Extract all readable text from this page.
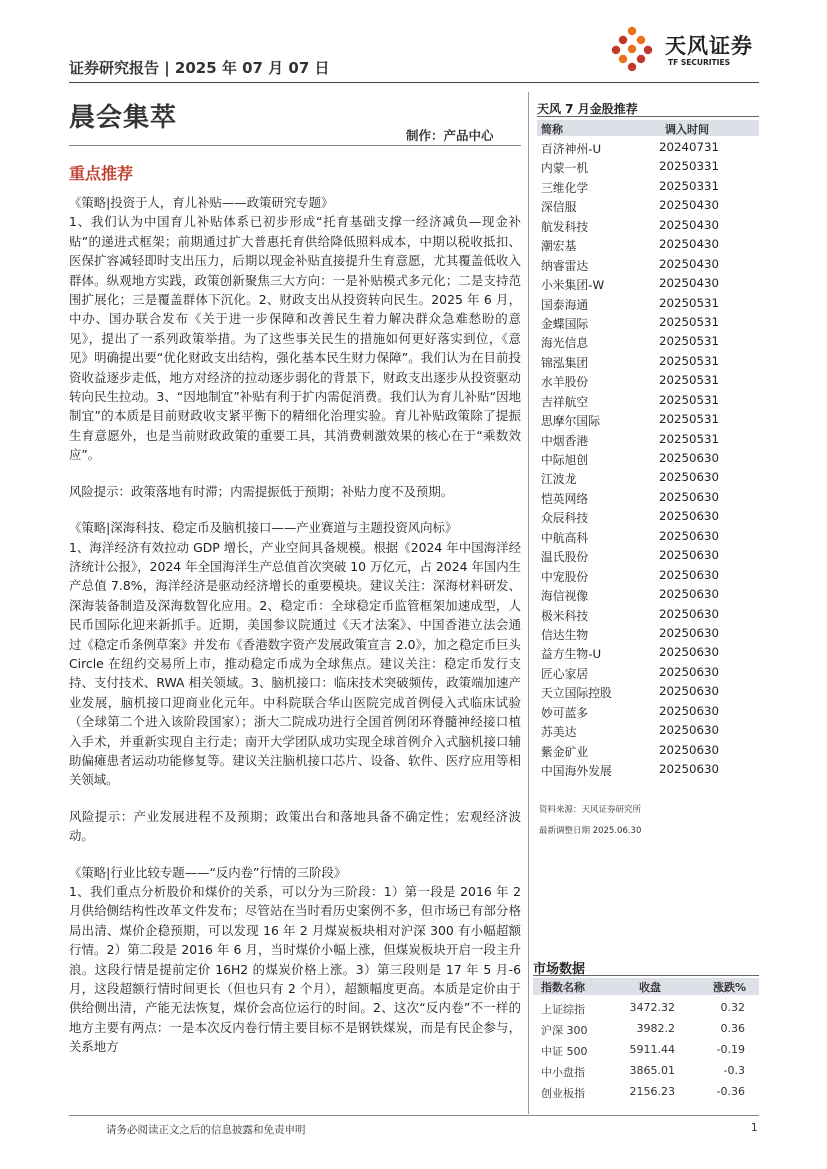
证券研究报告 | 2025 年 07 月 07 日
天风证券
TF SECURITIES
晨会集萃
制作：产品中心
重点推荐

《策略|投资于人，育儿补贴——政策研究专题》

1、我们认为中国育儿补贴体系已初步形成“托育基础支撑一经济减负—现金补贴”的递进式框架；前期通过扩大普惠托育供给降低照料成本，中期以税收抵扣、医保扩容减轻即时支出压力，后期以现金补贴直接提升生育意愿，尤其覆盖低收入群体。纵观地方实践，政策创新聚焦三大方向：一是补贴模式多元化；二是支持范围扩展化；三是覆盖群体下沉化。2、财政支出从投资转向民生。2025 年 6 月，中办、国办联合发布《关于进一步保障和改善民生着力解决群众急难愁盼的意见》，提出了一系列政策举措。为了这些事关民生的措施如何更好落实到位，《意见》明确提出要“优化财政支出结构，强化基本民生财力保障”。我们认为在目前投资收益逐步走低，地方对经济的拉动逐步弱化的背景下，财政支出逐步从投资驱动转向民生拉动。3、“因地制宜”补贴有利于扩内需促消费。我们认为育儿补贴“因地制宜”的本质是目前财政收支紧平衡下的精细化治理实验。育儿补贴政策除了提振生育意愿外，也是当前财政政策的重要工具，其消费刺激效果的核心在于“乘数效应”。

风险提示：政策落地有时滞；内需提振低于预期；补贴力度不及预期。

《策略|深海科技、稳定币及脑机接口——产业赛道与主题投资风向标》

1、海洋经济有效拉动 GDP 增长，产业空间具备规模。根据《2024 年中国海洋经济统计公报》，2024 年全国海洋生产总值首次突破 10 万亿元，占 2024 年国内生产总值 7.8%，海洋经济是驱动经济增长的重要模块。建议关注：深海材料研发、深海装备制造及深海数智化应用。2、稳定币：全球稳定币监管框架加速成型，人民币国际化迎来新抓手。近期，美国参议院通过《天才法案》、中国香港立法会通过《稳定币条例草案》并发布《香港数字资产发展政策宣言 2.0》，加之稳定币巨头 Circle 在纽约交易所上市，推动稳定币成为全球焦点。建议关注：稳定币发行支持、支付技术、RWA 相关领域。3、脑机接口：临床技术突破频传，政策端加速产业发展，脑机接口迎商业化元年。中科院联合华山医院完成首例侵入式临床试验（全球第二个进入该阶段国家）；浙大二院成功进行全国首例闭环脊髓神经接口植入手术，并重新实现自主行走；南开大学团队成功实现全球首例介入式脑机接口辅助偏瘫患者运动功能修复等。建议关注脑机接口芯片、设备、软件、医疗应用等相关领域。

风险提示：产业发展进程不及预期；政策出台和落地具备不确定性；宏观经济波动。

《策略|行业比较专题——“反内卷”行情的三阶段》

1、我们重点分析股价和煤价的关系，可以分为三阶段：1）第一段是 2016 年 2 月供给侧结构性改革文件发布；尽管站在当时看历史案例不多，但市场已有部分格局出清、煤价企稳预期，可以发现 16 年 2 月煤炭板块相对沪深 300 有小幅超额行情。2）第二段是 2016 年 6 月，当时煤价小幅上涨，但煤炭板块开启一段主升浪。这段行情是提前定价 16H2 的煤炭价格上涨。3）第三段则是 17 年 5 月-6 月，这段超额行情时间更长（但也只有 2 个月），超额幅度更高。本质是定价由于供给侧出清，产能无法恢复，煤价会高位运行的时间。2、这次“反内卷”不一样的地方主要有两点：一是本次反内卷行情主要目标不是钢铁煤炭，而是有民企参与，关系地方

天风 7 月金股推荐
简称	调入时间
百济神州-U	20240731
内蒙一机	20250331
三维化学	20250331
深信服	20250430
航发科技	20250430
潮宏基	20250430
纳睿雷达	20250430
小米集团-W	20250430
国泰海通	20250531
金蝶国际	20250531
海光信息	20250531
锦泓集团	20250531
水羊股份	20250531
吉祥航空	20250531
思摩尔国际	20250531
中烟香港	20250531
中际旭创	20250630
江波龙	20250630
恺英网络	20250630
众辰科技	20250630
中航高科	20250630
温氏股份	20250630
中宠股份	20250630
海信视像	20250630
极米科技	20250630
信达生物	20250630
益方生物-U	20250630
匠心家居	20250630
天立国际控股	20250630
妙可蓝多	20250630
苏美达	20250630
紫金矿业	20250630
中国海外发展	20250630
资料来源：天风证券研究所
最新调整日期 2025.06.30
市场数据
指数名称	收盘	涨跌%
上证综指	3472.32	0.32
沪深 300	3982.2	0.36
中证 500	5911.44	-0.19
中小盘指	3865.01	-0.3
创业板指	2156.23	-0.36
请务必阅读正文之后的信息披露和免责申明	1
